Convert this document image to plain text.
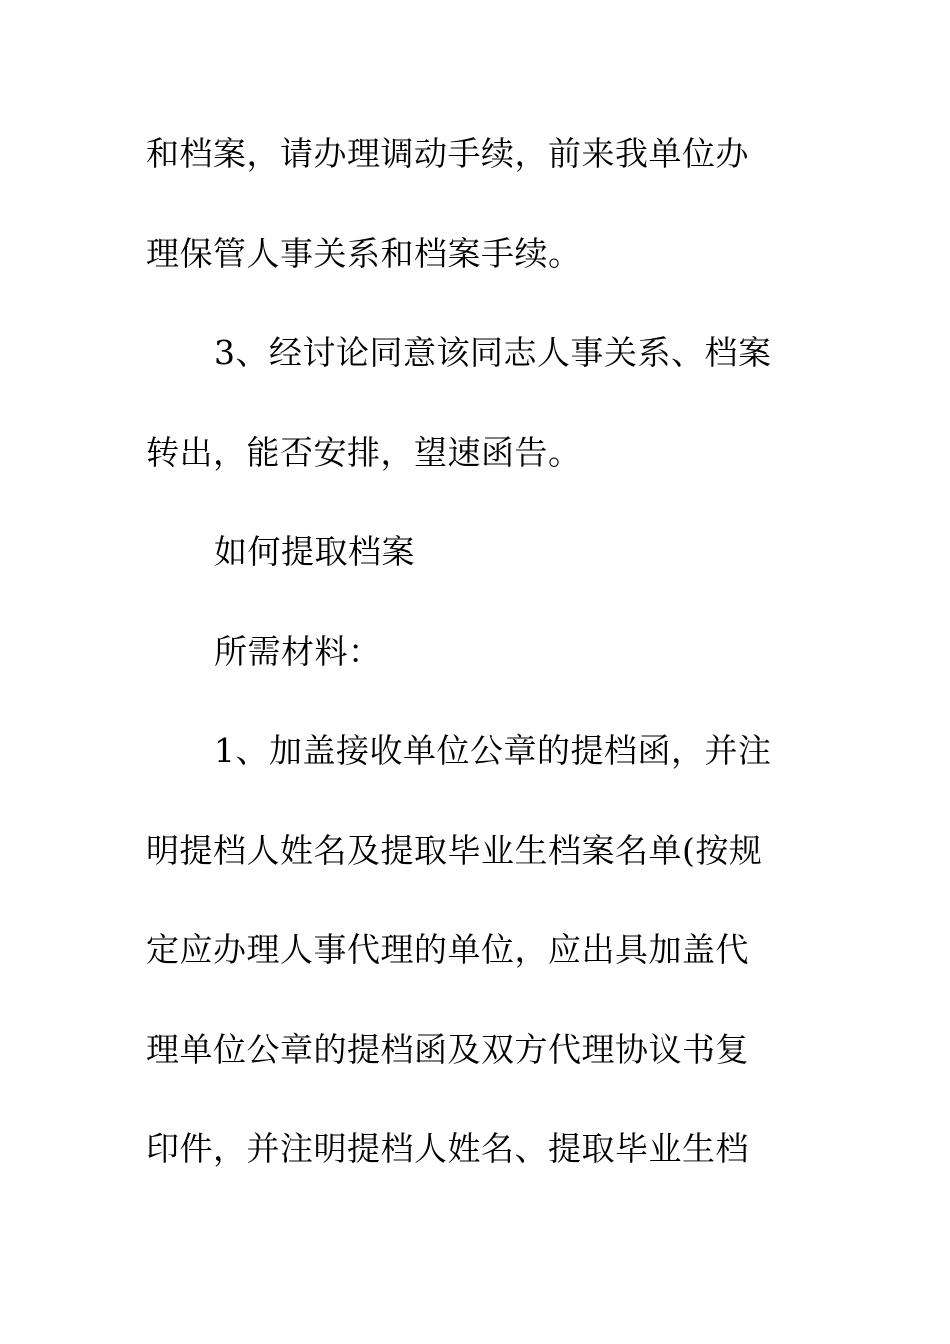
和档案，请办理调动手续，前来我单位办
理保管人事关系和档案手续。
3、经讨论同意该同志人事关系、档案
转出，能否安排，望速函告。
如何提取档案
所需材料：
1、加盖接收单位公章的提档函，并注
明提档人姓名及提取毕业生档案名单(按规
定应办理人事代理的单位，应出具加盖代
理单位公章的提档函及双方代理协议书复
印件，并注明提档人姓名、提取毕业生档
